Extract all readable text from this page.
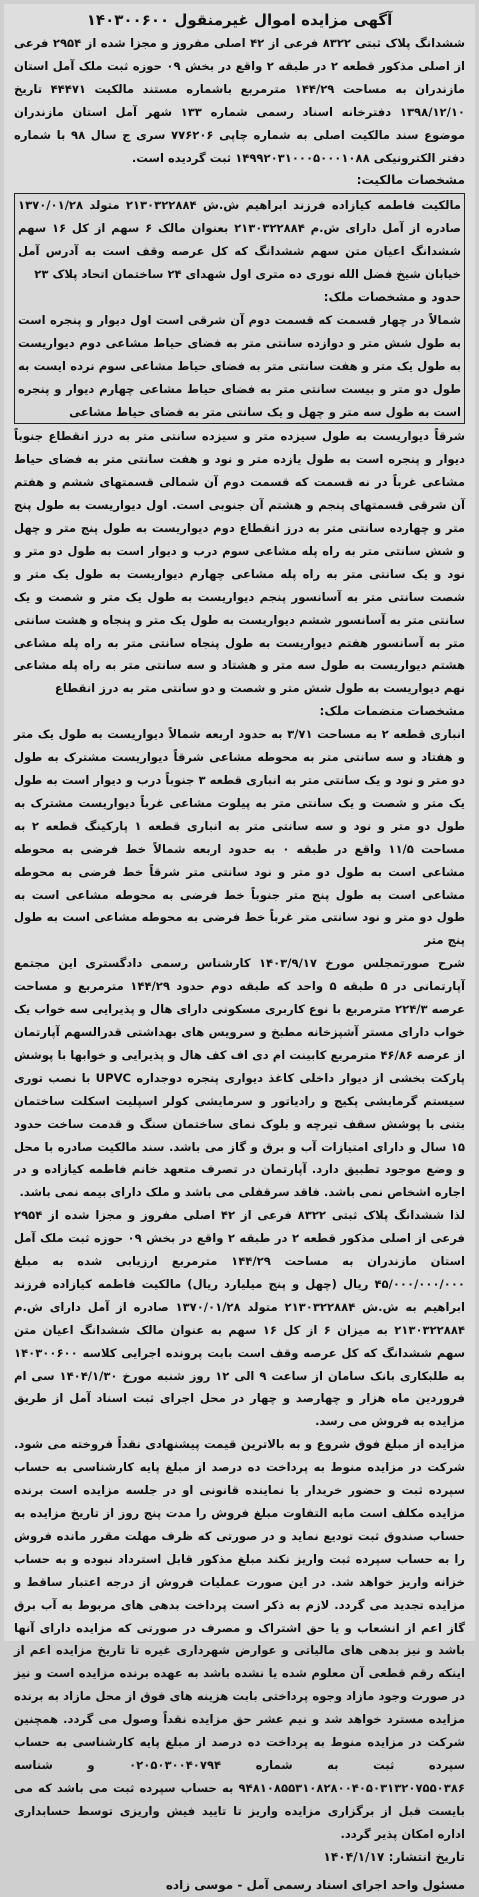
آگهی مزایده اموال غیرمنقول ۱۴۰۳۰۰۶۰۰

ششدانگ پلاک ثبتی ۸۳۲۲ فرعی از ۴۲ اصلی مفروز و مجزا شده از ۲۹۵۴ فرعی از اصلی مذکور قطعه ۲ در طبقه ۲ واقع در بخش ۰۹ حوزه ثبت ملک آمل استان مازندران به مساحت ۱۴۴/۲۹ مترمربع باشماره مستند مالکیت ۴۴۴۷۱ تاریخ ۱۳۹۸/۱۲/۱۰ دفترخانه اسناد رسمی شماره ۱۳۳ شهر آمل استان مازندران موضوع سند مالکیت اصلی به شماره چاپی ۷۷۶۲۰۶ سری ج سال ۹۸ با شماره دفتر الکترونیکی ۱۴۹۹۲۰۳۱۰۰۰۵۰۰۰۱۰۸۸ ثبت گردیده است.

مشخصات مالکیت:

مالکیت فاطمه کیازاده فرزند ابراهیم ش.ش ۲۱۳۰۳۲۲۸۸۴ متولد ۱۳۷۰/۰۱/۲۸ صادره از آمل دارای ش.م ۲۱۳۰۳۲۲۸۸۴ بعنوان مالک ۶ سهم از کل ۱۶ سهم ششدانگ اعیان متن سهم ششدانگ که کل عرصه وقف است به آدرس آمل خیابان شیخ فضل الله نوری ده متری اول شهدای ۲۴ ساختمان اتحاد پلاک ۲۳

حدود و مشخصات ملک:

شمالاً در چهار قسمت که قسمت دوم آن شرقی است اول دیوار و پنجره است به طول شش متر و دوازده سانتی متر به فضای حیاط مشاعی دوم دیواریست به طول یک متر و هفت سانتی متر به فضای حیاط مشاعی سوم نرده ایست به طول دو متر و بیست سانتی متر به فضای حیاط مشاعی چهارم دیوار و پنجره است به طول سه متر و چهل و یک سانتی متر به فضای حیاط مشاعی

شرقاً دیواریست به طول سیزده متر و سیزده سانتی متر به درز انقطاع جنوباً دیوار و پنجره است به طول یازده متر و نود و هفت سانتی متر به فضای حیاط مشاعی غرباً در نه قسمت که قسمت دوم آن شمالی قسمتهای ششم و هفتم آن شرقی قسمتهای پنجم و هشتم آن جنوبی است. اول دیواریست به طول پنج متر و چهارده سانتی متر به درز انقطاع دوم دیواریست به طول پنج متر و چهل و شش سانتی متر به راه پله مشاعی سوم درب و دیوار است به طول دو متر و نود و یک سانتی متر به راه پله مشاعی چهارم دیواریست به طول یک متر و شصت سانتی متر به آسانسور پنجم دیواریست به طول یک متر و شصت و یک سانتی متر به آسانسور ششم دیواریست به طول یک متر و پنجاه و هشت سانتی متر به آسانسور هفتم دیواریست به طول پنجاه سانتی متر به راه پله مشاعی هشتم دیواریست به طول سه متر و هشتاد و سه سانتی متر به راه پله مشاعی نهم دیواریست به طول شش متر و شصت و دو سانتی متر به درز انقطاع

مشخصات منضمات ملک:

انباری قطعه ۲ به مساحت ۳/۷۱ به حدود اربعه شمالاً دیواریست به طول یک متر و هفتاد و سه سانتی متر به محوطه مشاعی شرقاً دیواریست مشترک به طول دو متر و نود و یک سانتی متر به انباری قطعه ۳ جنوباً درب و دیوار است به طول یک متر و شصت و یک سانتی متر به پیلوت مشاعی غرباً دیواریست مشترک به طول دو متر و نود و سه سانتی متر به انباری قطعه ۱ پارکینگ قطعه ۲ به مساحت ۱۱/۵ واقع در طبقه ۰ به حدود اربعه شمالاً خط فرضی به محوطه مشاعی است به طول دو متر و نود سانتی متر شرقاً خط فرضی به محوطه مشاعی است به طول پنج متر جنوباً خط فرضی به محوطه مشاعی است به طول دو متر و نود سانتی متر غرباً خط فرضی به محوطه مشاعی است به طول پنج متر

شرح صورتمجلس مورخ ۱۴۰۳/۹/۱۷ کارشناس رسمی دادگستری این مجتمع آپارتمانی در ۵ طبقه ۵ واحد که طبقه دوم حدود ۱۴۴/۲۹ مترمربع و مساحت عرصه ۲۲۴/۳ مترمربع با نوع کاربری مسکونی دارای هال و پذیرایی سه خواب یک خواب دارای مستر آشپزخانه مطبخ و سرویس های بهداشتی قدرالسهم آپارتمان از عرصه ۴۶/۸۶ مترمربع کابینت ام دی اف کف هال و پذیرایی و خوابها با پوشش پارکت بخشی از دیوار داخلی کاغذ دیواری پنجره دوجداره UPVC با نصب توری سیستم گرمایشی پکیج و رادیاتور و سرمایشی کولر اسپلیت اسکلت ساختمان بتنی با پوشش سقف تیرچه و بلوک نمای ساختمان سنگ و قدمت ساخت حدود ۱۵ سال و دارای امتیازات آب و برق و گاز می باشد. سند مالکیت صادره با محل و وضع موجود تطبیق دارد. آپارتمان در تصرف متعهد خانم فاطمه کیازاده و در اجاره اشخاص نمی باشد. فاقد سرقفلی می باشد و ملک دارای بیمه نمی باشد.

لذا ششدانگ پلاک ثبتی ۸۳۲۲ فرعی از ۴۲ اصلی مفروز و مجزا شده از ۲۹۵۴ فرعی از اصلی مذکور قطعه ۲ در طبقه ۲ واقع در بخش ۰۹ حوزه ثبت ملک آمل استان مازندران به مساحت ۱۴۴/۲۹ مترمربع ارزیابی شده به مبلغ ۴۵/۰۰۰/۰۰۰/۰۰۰ ریال (چهل و پنج میلیارد ریال) مالکیت فاطمه کیازاده فرزند ابراهیم به ش.ش ۲۱۳۰۳۲۲۸۸۴ متولد ۱۳۷۰/۰۱/۲۸ صادره از آمل دارای ش.م ۲۱۳۰۳۲۲۸۸۴ به میزان ۶ از کل ۱۶ سهم به عنوان مالک ششدانگ اعیان متن سهم ششدانگ که کل عرصه وقف است بابت پرونده اجرایی کلاسه ۱۴۰۳۰۰۶۰۰ به طلبکاری بانک سامان از ساعت ۹ الی ۱۲ روز شنبه مورخ ۱۴۰۴/۱/۳۰ سی ام فروردین ماه هزار و چهارصد و چهار در محل اجرای ثبت اسناد آمل از طریق مزایده به فروش می رسد.

مزایده از مبلغ فوق شروع و به بالاترین قیمت پیشنهادی نقداً فروخته می شود. شرکت در مزایده منوط به پرداخت ده درصد از مبلغ پایه کارشناسی به حساب سپرده ثبت و حضور خریدار یا نماینده قانونی او در جلسه مزایده است برنده مزایده مکلف است مابه التفاوت مبلغ فروش را مدت پنج روز از تاریخ مزایده به حساب صندوق ثبت تودیع نماید و در صورتی که ظرف مهلت مقرر مانده فروش را به حساب سپرده ثبت واریز نکند مبلغ مذکور قابل استرداد نبوده و به حساب خزانه واریز خواهد شد. در این صورت عملیات فروش از درجه اعتبار ساقط و مزایده تجدید می گردد. لازم به ذکر است پرداخت بدهی های مربوط به آب برق گاز اعم از انشعاب و یا حق اشتراک و مصرف در صورتی که مزایده دارای آنها باشد و نیز بدهی های مالیاتی و عوارض شهرداری غیره تا تاریخ مزایده اعم از اینکه رقم قطعی آن معلوم شده یا نشده باشد به عهده برنده مزایده است و نیز در صورت وجود مازاد وجوه پرداختی بابت هزینه های فوق از محل مازاد به برنده مزایده مسترد خواهد شد و نیم عشر حق مزایده نقداً وصول می گردد. همچنین شرکت در مزایده منوط به پرداخت ده درصد از مبلغ پایه کارشناسی به حساب سپرده ثبت به شماره ۰۲۰۵۰۳۰۰۴۰۷۹۴ و شناسه ۹۴۸۱۰۸۵۵۳۱۰۸۲۸۰۰۴۰۵۰۳۱۳۲۰۷۵۵۰۳۸۶ به حساب سپرده ثبت می باشد که می بایست قبل از برگزاری مزایده واریز تا تایید فیش واریزی توسط حسابداری اداره امکان پذیر گردد.

تاریخ انتشار: ۱۴۰۴/۱/۱۷
مسئول واحد اجرای اسناد رسمی آمل - موسی زاده
